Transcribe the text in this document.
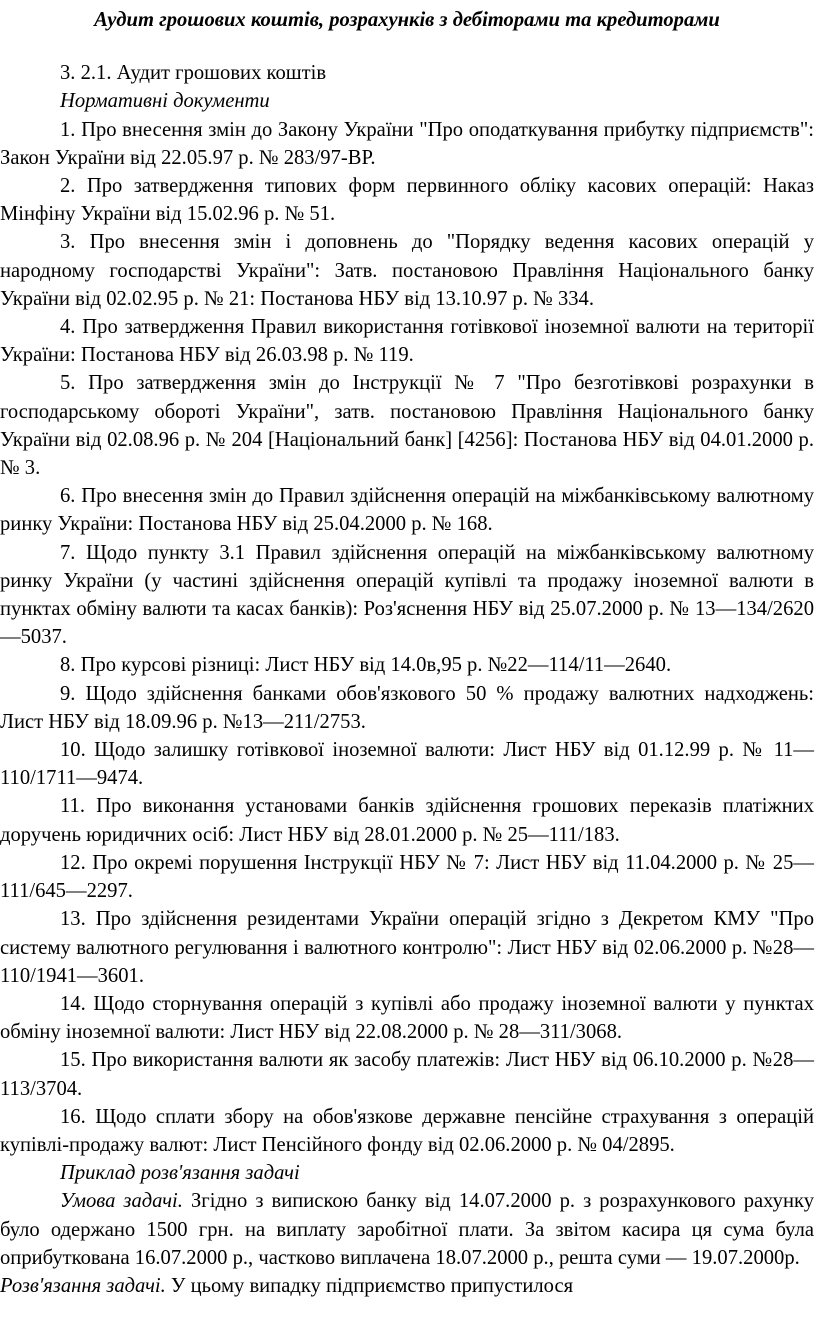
Аудит грошових коштів, розрахунків з дебіторами та кредиторами

3. 2.1. Аудит грошових коштів

Нормативні документи

1. Про внесення змін до Закону України "Про оподаткування прибутку підприємств": Закон України від 22.05.97 р. № 283/97-ВР.

2. Про затвердження типових форм первинного обліку касових операцій: Наказ Мінфіну України від 15.02.96 р. № 51.

3. Про внесення змін і доповнень до "Порядку ведення касових операцій у народному господарстві України": Затв. постановою Правління Національного банку України від 02.02.95 р. № 21: Постанова НБУ від 13.10.97 р. № 334.

4. Про затвердження Правил використання готівкової іноземної валюти на території України: Постанова НБУ від 26.03.98 р. № 119.

5. Про затвердження змін до Інструкції № 7 "Про безготівкові розрахунки в господарському обороті України", затв. постановою Правління Національного банку України від 02.08.96 р. № 204 [Національний банк] [4256]: Постанова НБУ від 04.01.2000 р. № 3.

6. Про внесення змін до Правил здійснення операцій на міжбанківському валютному ринку України: Постанова НБУ від 25.04.2000 р. № 168.

7. Щодо пункту 3.1 Правил здійснення операцій на міжбанківському валютному ринку України (у частині здійснення операцій купівлі та продажу іноземної валюти в пунктах обміну валюти та касах банків): Роз'яснення НБУ від 25.07.2000 р. № 13—134/2620—5037.

8. Про курсові різниці: Лист НБУ від 14.0в,95 р. №22—114/11—2640.

9. Щодо здійснення банками обов'язкового 50 % продажу валютних надходжень: Лист НБУ від 18.09.96 р. №13—211/2753.

10. Щодо залишку готівкової іноземної валюти: Лист НБУ від 01.12.99 р. № 11—110/1711—9474.

11. Про виконання установами банків здійснення грошових переказів платіжних доручень юридичних осіб: Лист НБУ від 28.01.2000 р. № 25—111/183.

12. Про окремі порушення Інструкції НБУ № 7: Лист НБУ від 11.04.2000 р. № 25—111/645—2297.

13. Про здійснення резидентами України операцій згідно з Декретом КМУ "Про систему валютного регулювання і валютного контролю": Лист НБУ від 02.06.2000 р. №28— 110/1941—3601.

14. Щодо сторнування операцій з купівлі або продажу іноземної валюти у пунктах обміну іноземної валюти: Лист НБУ від 22.08.2000 р. № 28—311/3068.

15. Про використання валюти як засобу платежів: Лист НБУ від 06.10.2000 р. №28—113/3704.

16. Щодо сплати збору на обов'язкове державне пенсійне страхування з операцій купівлі-продажу валют: Лист Пенсійного фонду від 02.06.2000 р. № 04/2895.

Приклад розв'язання задачі

Умова задачі. Згідно з випискою банку від 14.07.2000 р. з розрахункового рахунку було одержано 1500 грн. на виплату заробітної плати. За звітом касира ця сума була оприбуткована 16.07.2000 р., частково виплачена 18.07.2000 р., решта суми — 19.07.2000р.

Розв'язання задачі. У цьому випадку підприємство припустилося
